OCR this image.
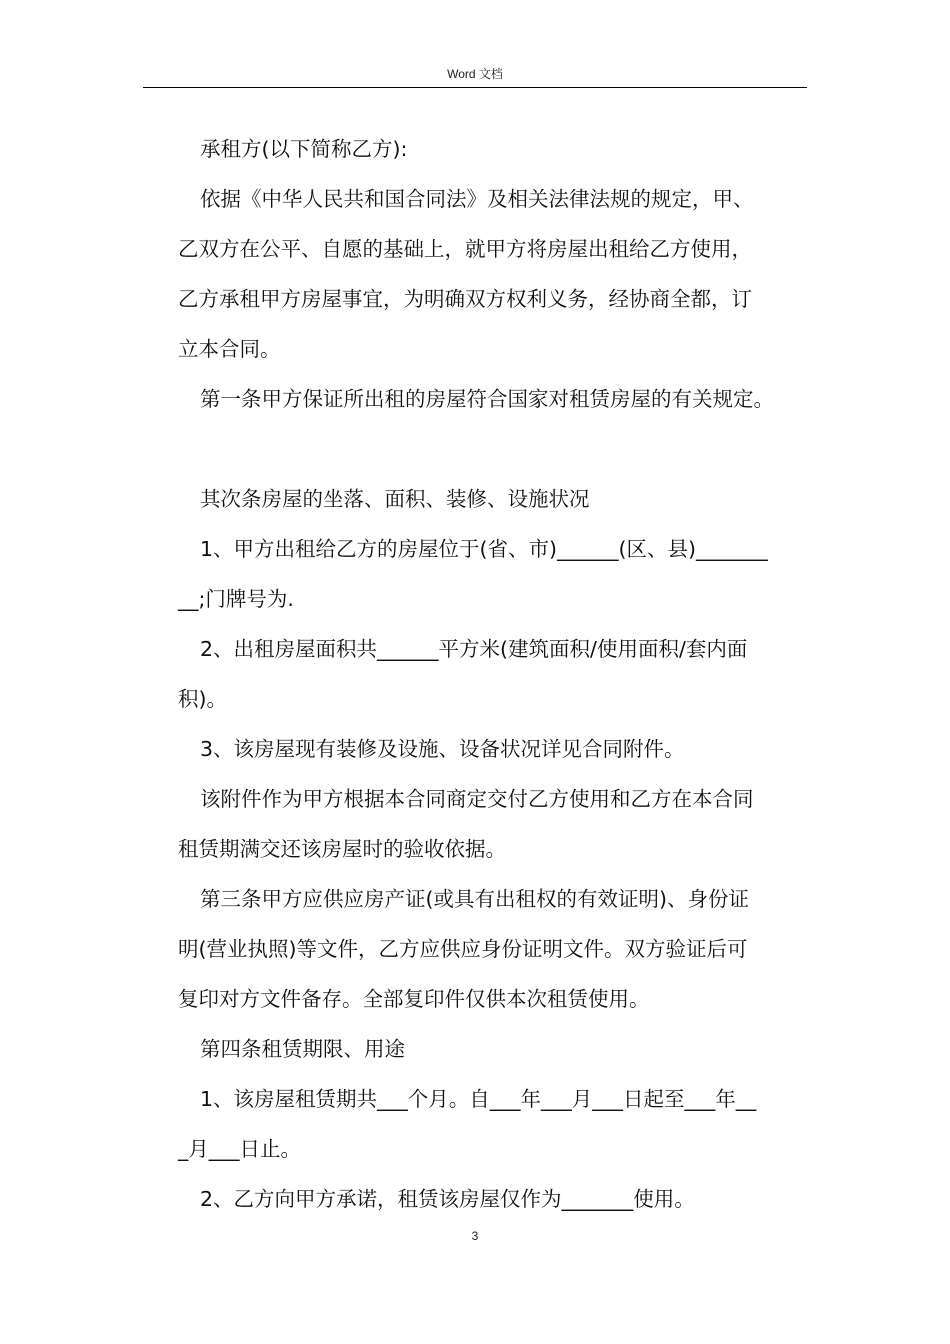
Word 文档
承租方(以下简称乙方):
依据《中华人民共和国合同法》及相关法律法规的规定，甲、
乙双方在公平、自愿的基础上，就甲方将房屋出租给乙方使用，
乙方承租甲方房屋事宜，为明确双方权利义务，经协商全都，订
立本合同。
第一条甲方保证所出租的房屋符合国家对租赁房屋的有关规定。
其次条房屋的坐落、面积、装修、设施状况
1、甲方出租给乙方的房屋位于(省、市)______(区、县)_______
__;门牌号为.
2、出租房屋面积共______平方米(建筑面积/使用面积/套内面
积)。
3、该房屋现有装修及设施、设备状况详见合同附件。
该附件作为甲方根据本合同商定交付乙方使用和乙方在本合同
租赁期满交还该房屋时的验收依据。
第三条甲方应供应房产证(或具有出租权的有效证明)、身份证
明(营业执照)等文件，乙方应供应身份证明文件。双方验证后可
复印对方文件备存。全部复印件仅供本次租赁使用。
第四条租赁期限、用途
1、该房屋租赁期共___个月。自___年___月___日起至___年__
_月___日止。
2、乙方向甲方承诺，租赁该房屋仅作为_______使用。
3
